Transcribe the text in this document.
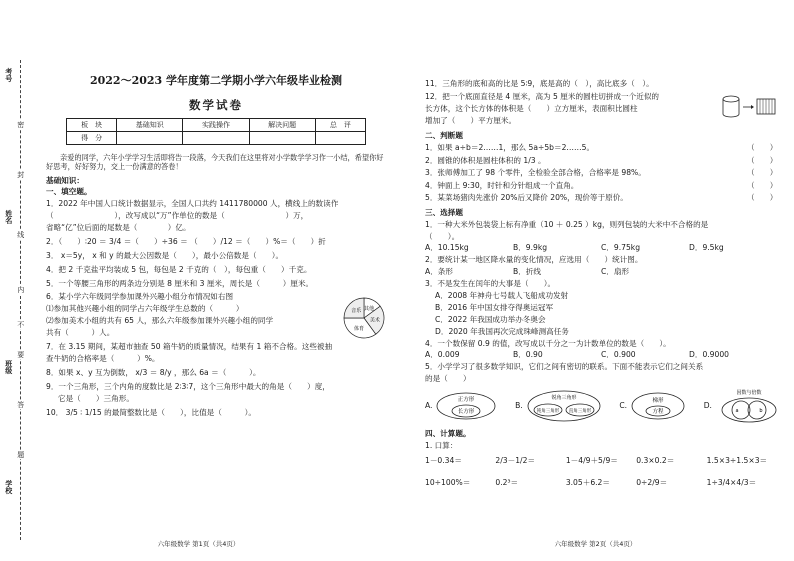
考号
姓名
班级
学校
密
封
线
内
不
要
答
题
2022～2023 学年度第二学期小学六年级毕业检测
数学试卷
板　块	基础知识	实践操作	解决问题	总　评
得　分				
亲爱的同学，六年小学学习生活即将告一段落，今天我们在这里将对小学数学学习作一小结，希望你好好思考，好好努力，交上一份满意的答卷！
基础知识：
一、填空题。
1．2022 年中国人口统计数据显示，全国人口共约 1411780000 人，横线上的数读作
（　　　　　　　　），改写成以“万”作单位的数是（　　　　　　　　）万，
省略“亿”位后面的尾数是（　　　　）亿。
2．（　　）∶20 ＝ 3/4 ＝（　　）÷36 ＝ （　　）/12 ＝（　　）%＝（　　）折
3． x＝5y， x 和 y 的最大公因数是（　　），最小公倍数是（　　）。
4．把 2 千克盐平均装成 5 包，每包是 2 千克的（　），每包重（　　）千克。
5．一个等腰三角形的两条边分别是 8 厘米和 3 厘米，周长是（　　　）厘米。
6．某小学六年级同学参加课外兴趣小组分布情况如右图
⑴参加其他兴趣小组的同学占六年级学生总数的（　　　）
⑵参加美术小组的共有 65 人，那么六年级参加课外兴趣小组的同学
共有（　　　）人。
其他
美术
体育
音乐
7．在 3.15 期间，某超市抽查 50 箱牛奶的质量情况，结果有 1 箱不合格。这些被抽
查牛奶的合格率是（　　　）%。
8．如果 x、y 互为倒数， x/3 ＝ 8/y ，那么 6a ＝（　　　）。
9．一个三角形，三个内角的度数比是 2∶3∶7，这个三角形中最大的角是（　　）度，
它是（　　）三角形。
10． 3/5 ∶ 1/15 的最简整数比是（　　），比值是（　　　）。
六年级数学 第1页（共4页）
11．三角形的底和高的比是 5∶9，底是高的（　），高比底多（　）。
12．把一个底面直径是 4 厘米，高为 5 厘米的圆柱切拼成一个近似的
长方体，这个长方体的体积是（　　）立方厘米，表面积比圆柱
增加了（　　）平方厘米。
二、判断题
1．如果 a÷b＝2……1，那么 5a÷5b＝2……5。	（　　）
2．圆锥的体积是圆柱体积的 1/3 。	（　　）
3．张师傅加工了 98 个零件，全检验全部合格，合格率是 98%。	（　　）
4．钟面上 9:30，时针和分针组成一个直角。	（　　）
5．某菜场猪肉先涨价 20%后又降价 20%，现价等于原价。	（　　）
三、选择题
1．一种大米外包装袋上标有净重（10 ＋ 0.25 ）kg，则列包装的大米中不合格的是
（　　）。
A．10.15kg	B．9.9kg	C．9.75kg	D．9.5kg
2．要统计某一地区降水量的变化情况，应选用（　　）统计图。
A．条形	B．折线	C．扇形
3．不是发生在闰年的大事是（　　）。
A．2008 年神舟七号载人飞船成功发射
B．2016 年中国女排夺得奥运冠军
C．2022 年我国成功举办冬奥会
D．2020 年我国再次完成珠峰测高任务
4．一个数保留 0.9 的值，改写成以千分之一为计数单位的数是（　　）。
A．0.009	B．0.90	C．0.900	D．0.9000
5．小学学习了很多数学知识，它们之间有密切的联系。下面不能表示它们之间关系
的是（　　）
A.
正方形
长方形
B.
锐角三角形
钝角三角形 直角三角形
C.
梯形
方程
D.
因数与倍数
a	b
四、计算题。
1. 口算：
1－0.34＝	2/3－1/2＝	1－4/9＋5/9＝	0.3×0.2＝	1.5×3÷1.5×3＝
10÷100%＝	0.2³＝	3.05＋6.2＝	0÷2/9＝	1÷3/4×4/3＝
六年级数学 第2页（共4页）
